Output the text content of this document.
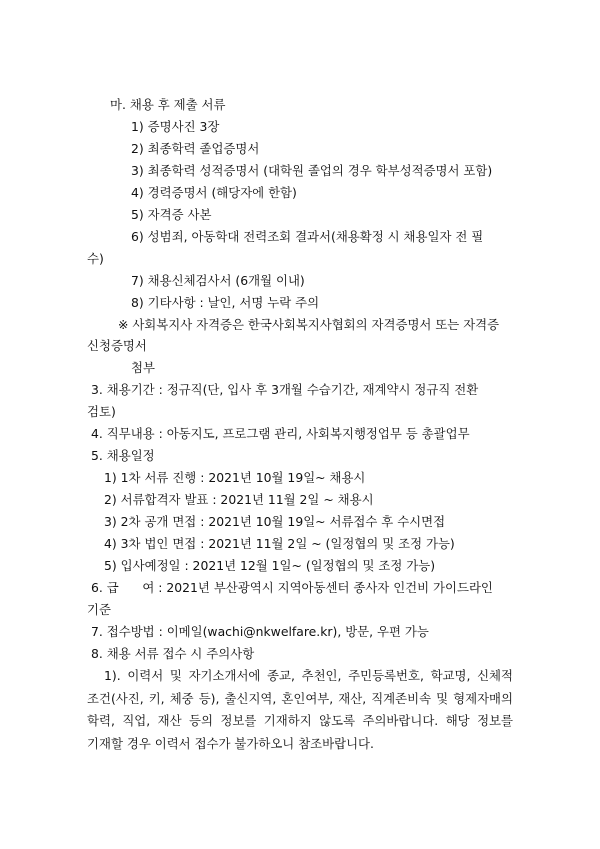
마. 채용 후 제출 서류
1) 증명사진 3장
2) 최종학력 졸업증명서
3) 최종학력 성적증명서 (대학원 졸업의 경우 학부성적증명서 포함)
4) 경력증명서 (해당자에 한함)
5) 자격증 사본
6) 성범죄, 아동학대 전력조회 결과서(채용확정 시 채용일자 전 필
수)
7) 채용신체검사서 (6개월 이내)
8) 기타사항 : 날인, 서명 누락 주의
※ 사회복지사 자격증은 한국사회복지사협회의 자격증명서 또는 자격증
신청증명서
첨부
3. 채용기간 : 정규직(단, 입사 후 3개월 수습기간, 재계약시 정규직 전환
검토)
4. 직무내용 : 아동지도, 프로그램 관리, 사회복지행정업무 등 총괄업무
5. 채용일정
1) 1차 서류 진행 : 2021년 10월 19일~ 채용시
2) 서류합격자 발표 : 2021년 11월 2일 ~ 채용시
3) 2차 공개 면접 : 2021년 10월 19일~ 서류접수 후 수시면접
4) 3차 법인 면접 : 2021년 11월 2일 ~ (일정협의 및 조정 가능)
5) 입사예정일 : 2021년 12월 1일~ (일정협의 및 조정 가능)
6. 급      여 : 2021년 부산광역시 지역아동센터 종사자 인건비 가이드라인
기준
7. 접수방법 : 이메일(wachi@nkwelfare.kr), 방문, 우편 가능
8. 채용 서류 접수 시 주의사항
1). 이력서 및 자기소개서에 종교, 추천인, 주민등록번호, 학교명, 신체적 조건(사진, 키, 체중 등), 출신지역, 혼인여부, 재산, 직계존비속 및 형제자매의 학력, 직업, 재산 등의 정보를 기재하지 않도록 주의바랍니다. 해당 정보를 기재할 경우 이력서 접수가 불가하오니 참조바랍니다.
